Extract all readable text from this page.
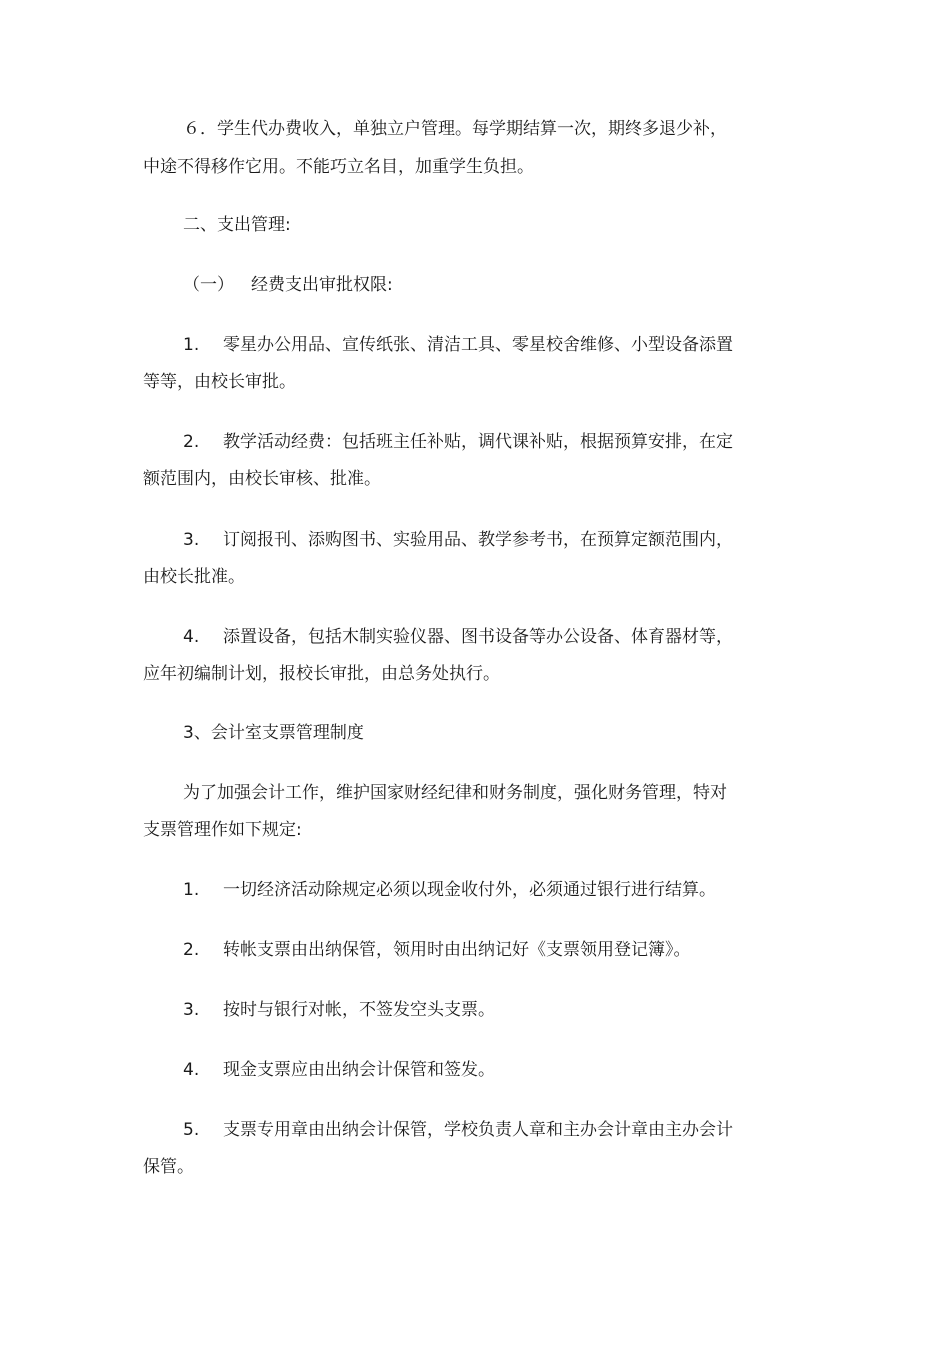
６．学生代办费收入，单独立户管理。每学期结算一次，期终多退少补，
中途不得移作它用。不能巧立名目，加重学生负担。
二、支出管理:
（一） 经费支出审批权限:
1. 零星办公用品、宣传纸张、清洁工具、零星校舍维修、小型设备添置
等等，由校长审批。
2. 教学活动经费：包括班主任补贴，调代课补贴，根据预算安排，在定
额范围内，由校长审核、批准。
3. 订阅报刊、添购图书、实验用品、教学参考书，在预算定额范围内，
由校长批准。
4. 添置设备，包括木制实验仪器、图书设备等办公设备、体育器材等，
应年初编制计划，报校长审批，由总务处执行。
3、会计室支票管理制度
为了加强会计工作，维护国家财经纪律和财务制度，强化财务管理，特对
支票管理作如下规定:
1. 一切经济活动除规定必须以现金收付外，必须通过银行进行结算。
2. 转帐支票由出纳保管，领用时由出纳记好《支票领用登记簿》。
3. 按时与银行对帐，不签发空头支票。
4. 现金支票应由出纳会计保管和签发。
5. 支票专用章由出纳会计保管，学校负责人章和主办会计章由主办会计
保管。
